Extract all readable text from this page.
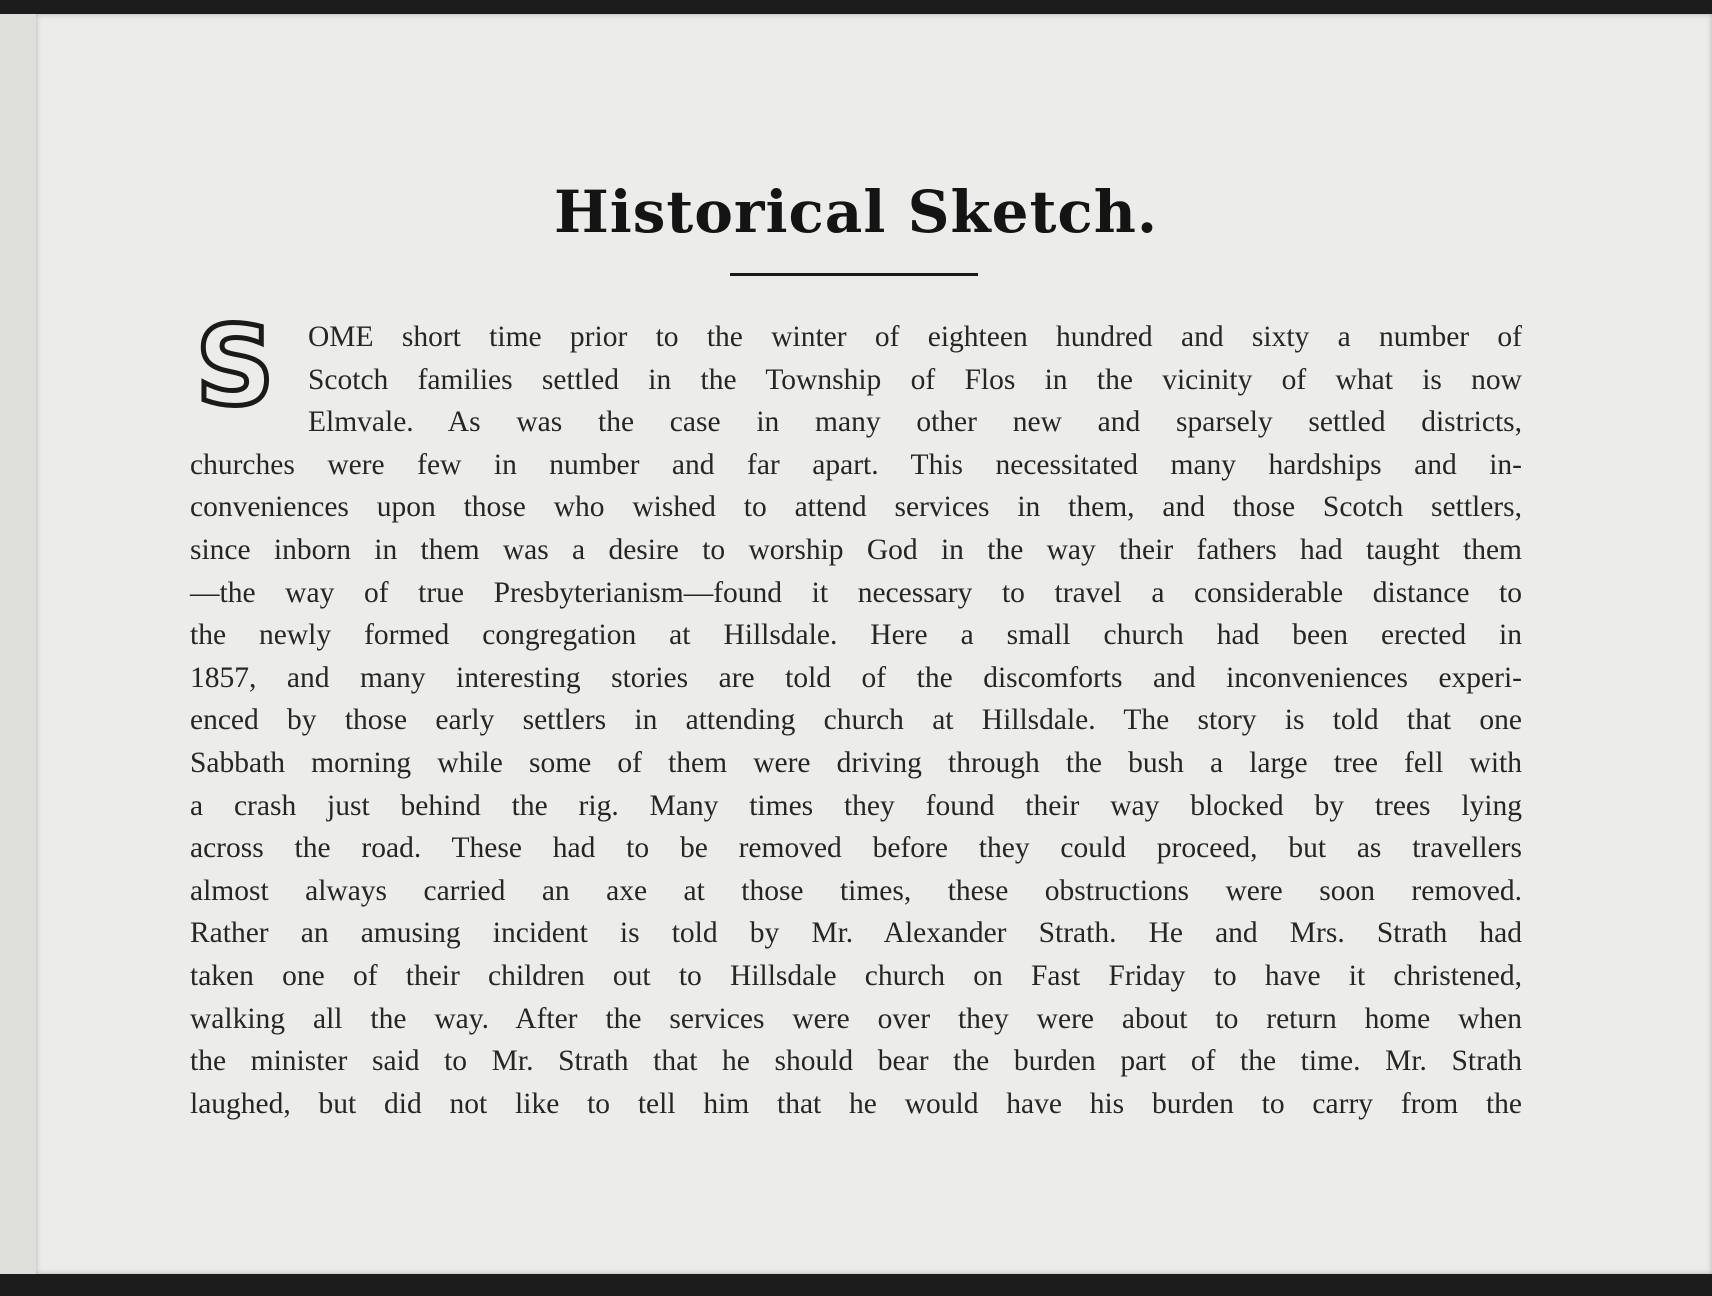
Historical Sketch.
S	OME short time prior to the winter of eighteen hundred and sixty a number of
Scotch families settled in the Township of Flos in the vicinity of what is now
Elmvale. As was the case in many other new and sparsely settled districts,
churches were few in number and far apart. This necessitated many hardships and in-
conveniences upon those who wished to attend services in them, and those Scotch settlers,
since inborn in them was a desire to worship God in the way their fathers had taught them
—the way of true Presbyterianism—found it necessary to travel a considerable distance to
the newly formed congregation at Hillsdale. Here a small church had been erected in
1857, and many interesting stories are told of the discomforts and inconveniences experi-
enced by those early settlers in attending church at Hillsdale. The story is told that one
Sabbath morning while some of them were driving through the bush a large tree fell with
a crash just behind the rig. Many times they found their way blocked by trees lying
across the road. These had to be removed before they could proceed, but as travellers
almost always carried an axe at those times, these obstructions were soon removed.
Rather an amusing incident is told by Mr. Alexander Strath. He and Mrs. Strath had
taken one of their children out to Hillsdale church on Fast Friday to have it christened,
walking all the way. After the services were over they were about to return home when
the minister said to Mr. Strath that he should bear the burden part of the time. Mr. Strath
laughed, but did not like to tell him that he would have his burden to carry from the
